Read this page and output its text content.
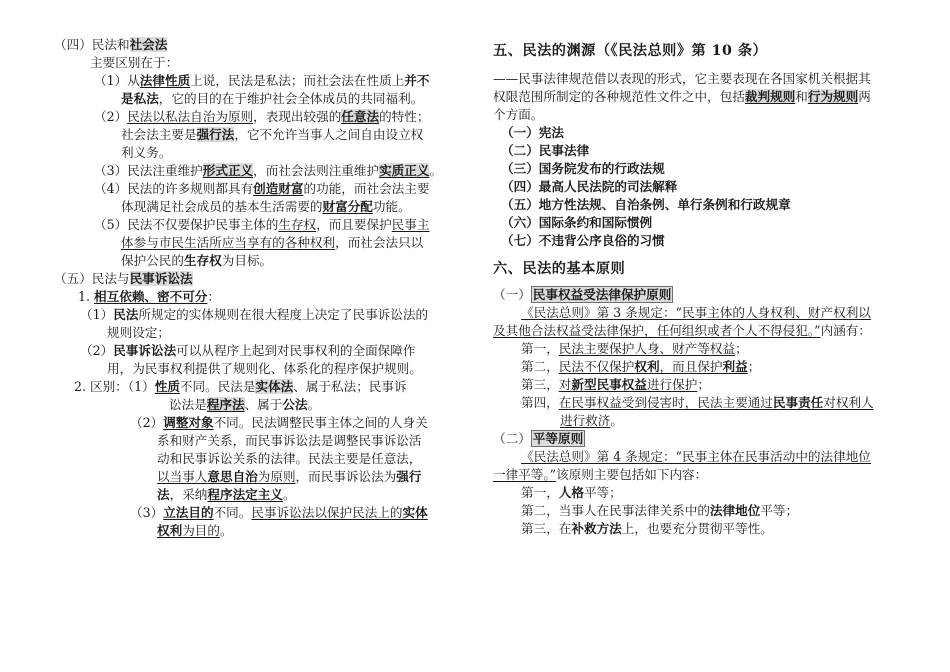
（四）民法和社会法
主要区别在于：
（1）从法律性质上说，民法是私法；而社会法在性质上并不
是私法，它的目的在于维护社会全体成员的共同福利。
（2）民法以私法自治为原则，表现出较强的任意法的特性；
社会法主要是强行法，它不允许当事人之间自由设立权
利义务。
（3）民法注重维护形式正义，而社会法则注重维护实质正义。
（4）民法的许多规则都具有创造财富的功能，而社会法主要
体现满足社会成员的基本生活需要的财富分配功能。
（5）民法不仅要保护民事主体的生存权，而且要保护民事主
体参与市民生活所应当享有的各种权利，而社会法只以
保护公民的生存权为目标。
（五）民法与民事诉讼法
1. 相互依赖、密不可分：
（1）民法所规定的实体规则在很大程度上决定了民事诉讼法的
规则设定；
（2）民事诉讼法可以从程序上起到对民事权利的全面保障作
用，为民事权利提供了规则化、体系化的程序保护规则。
2. 区别：（1）性质不同。民法是实体法、属于私法；民事诉
讼法是程序法、属于公法。
（2）调整对象不同。民法调整民事主体之间的人身关
系和财产关系，而民事诉讼法是调整民事诉讼活
动和民事诉讼关系的法律。民法主要是任意法，
以当事人意思自治为原则，而民事诉讼法为强行
法，采纳程序法定主义。
（3）立法目的不同。民事诉讼法以保护民法上的实体
权利为目的。
五、民法的渊源（《民法总则》第 10 条）
——民事法律规范借以表现的形式，它主要表现在各国家机关根据其
权限范围所制定的各种规范性文件之中，包括裁判规则和行为规则两
个方面。
（一）宪法
（二）民事法律
（三）国务院发布的行政法规
（四）最高人民法院的司法解释
（五）地方性法规、自治条例、单行条例和行政规章
（六）国际条约和国际惯例
（七）不违背公序良俗的习惯
六、民法的基本原则
（一） 民事权益受法律保护原则
《民法总则》第 3 条规定：“民事主体的人身权利、财产权利以
及其他合法权益受法律保护，任何组织或者个人不得侵犯。”内涵有：
第一，民法主要保护人身、财产等权益；
第二，民法不仅保护权利，而且保护利益；
第三，对新型民事权益进行保护；
第四，在民事权益受到侵害时，民法主要通过民事责任对权利人
进行救济。
（二） 平等原则
《民法总则》第 4 条规定：“民事主体在民事活动中的法律地位
一律平等。”该原则主要包括如下内容：
第一，人格平等；
第二，当事人在民事法律关系中的法律地位平等；
第三，在补救方法上，也要充分贯彻平等性。
